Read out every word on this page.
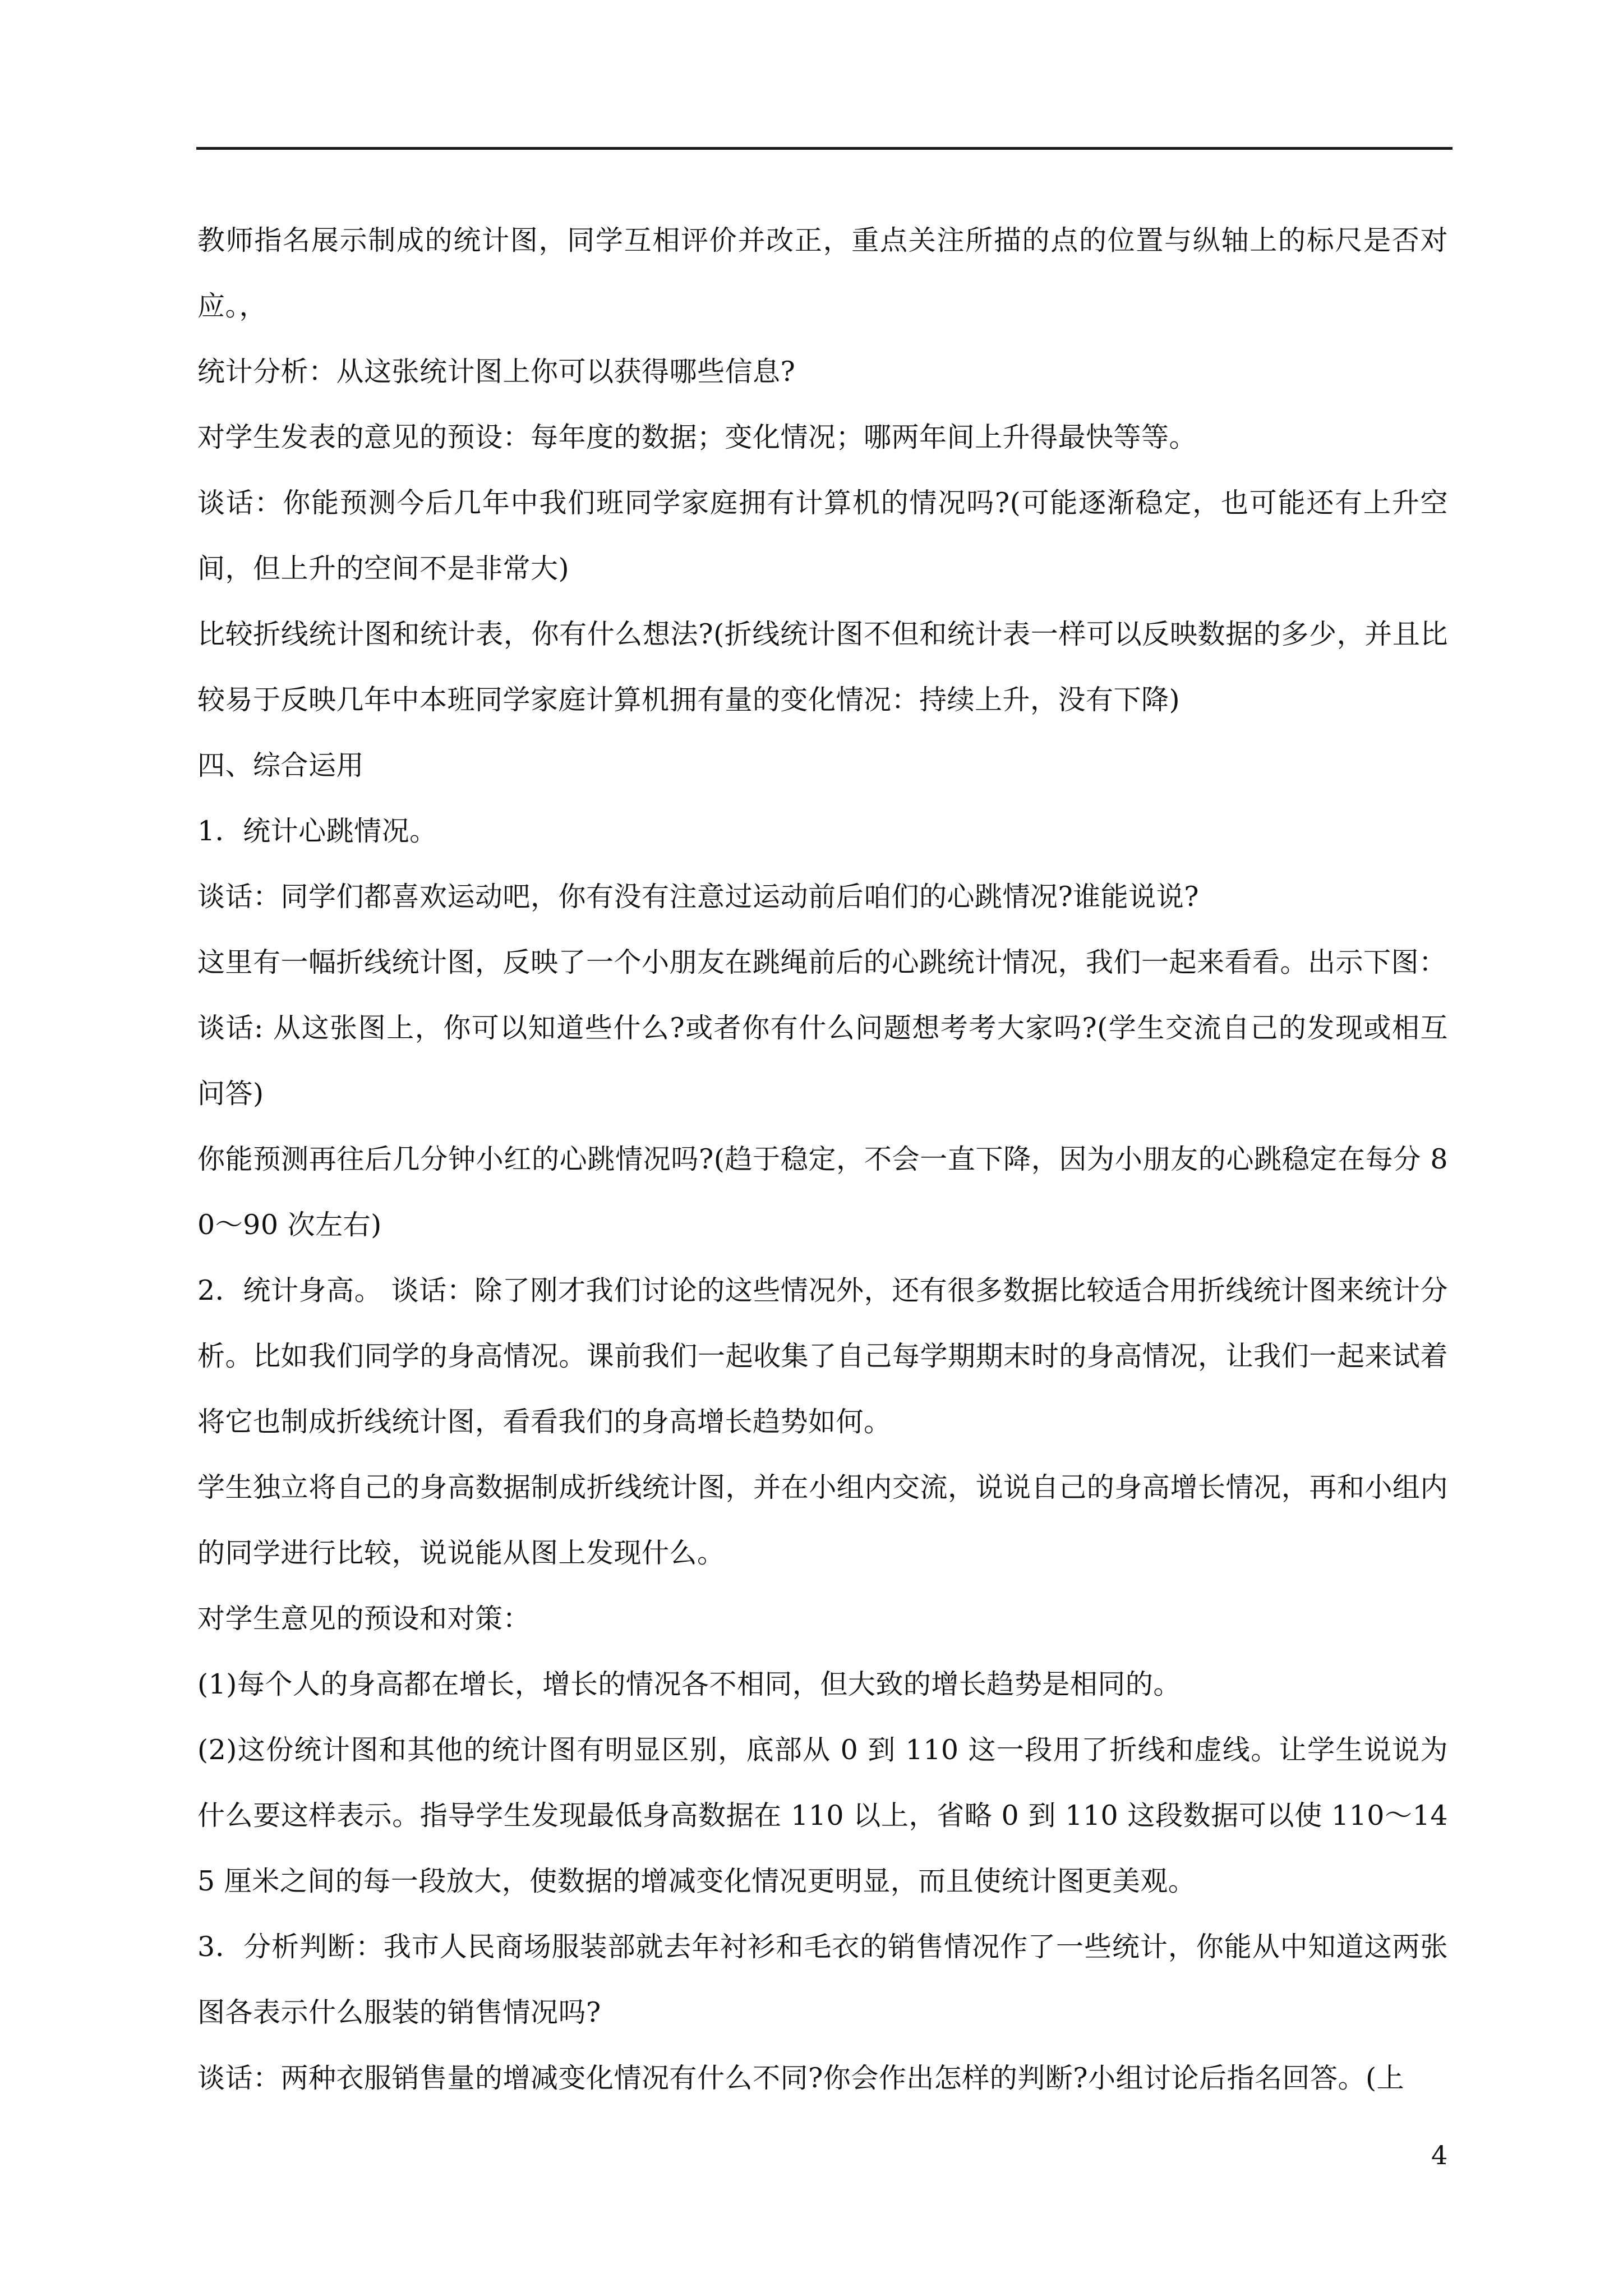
教师指名展示制成的统计图，同学互相评价并改正，重点关注所描的点的位置与纵轴上的标尺是否对应。，

统计分析：从这张统计图上你可以获得哪些信息?

对学生发表的意见的预设：每年度的数据；变化情况；哪两年间上升得最快等等。

谈话：你能预测今后几年中我们班同学家庭拥有计算机的情况吗?(可能逐渐稳定，也可能还有上升空间，但上升的空间不是非常大)

比较折线统计图和统计表，你有什么想法?(折线统计图不但和统计表一样可以反映数据的多少，并且比较易于反映几年中本班同学家庭计算机拥有量的变化情况：持续上升，没有下降)

四、综合运用

1．统计心跳情况。

谈话：同学们都喜欢运动吧，你有没有注意过运动前后咱们的心跳情况?谁能说说?

这里有一幅折线统计图，反映了一个小朋友在跳绳前后的心跳统计情况，我们一起来看看。出示下图：

谈话: 从这张图上，你可以知道些什么?或者你有什么问题想考考大家吗?(学生交流自己的发现或相互问答)

你能预测再往后几分钟小红的心跳情况吗?(趋于稳定，不会一直下降，因为小朋友的心跳稳定在每分 80～90 次左右)

2．统计身高。 谈话：除了刚才我们讨论的这些情况外，还有很多数据比较适合用折线统计图来统计分析。比如我们同学的身高情况。课前我们一起收集了自己每学期期末时的身高情况，让我们一起来试着将它也制成折线统计图，看看我们的身高增长趋势如何。

学生独立将自己的身高数据制成折线统计图，并在小组内交流，说说自己的身高增长情况，再和小组内的同学进行比较，说说能从图上发现什么。

对学生意见的预设和对策：

(1)每个人的身高都在增长，增长的情况各不相同，但大致的增长趋势是相同的。

(2)这份统计图和其他的统计图有明显区别，底部从 0 到 110 这一段用了折线和虚线。让学生说说为什么要这样表示。指导学生发现最低身高数据在 110 以上，省略 0 到 110 这段数据可以使 110～145 厘米之间的每一段放大，使数据的增减变化情况更明显，而且使统计图更美观。

3．分析判断：我市人民商场服装部就去年衬衫和毛衣的销售情况作了一些统计，你能从中知道这两张图各表示什么服装的销售情况吗?

谈话：两种衣服销售量的增减变化情况有什么不同?你会作出怎样的判断?小组讨论后指名回答。(上

4
